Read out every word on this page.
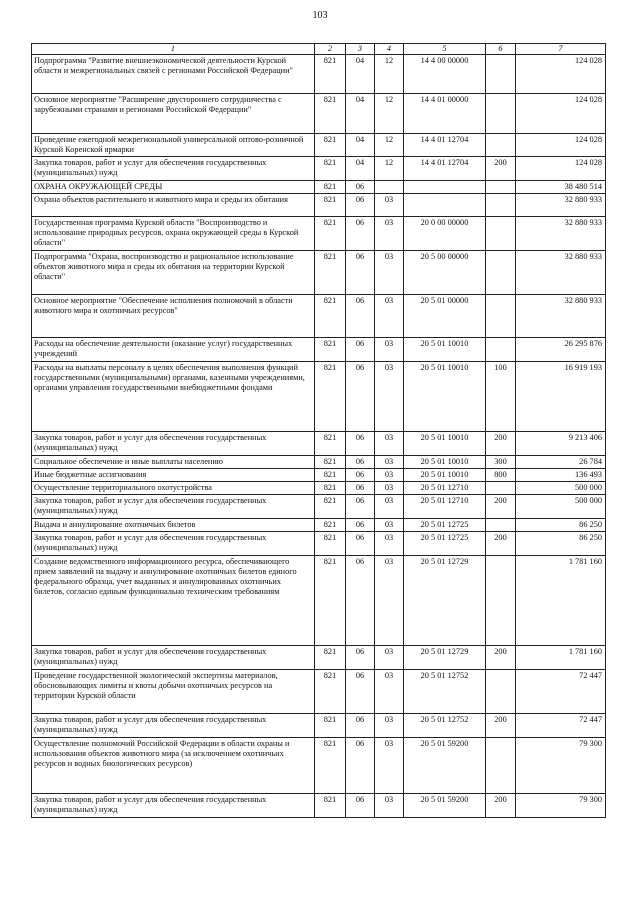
103
1	2	3	4	5	6	7
Подпрограмма "Развитие внешнеэкономической деятельности Курской области и межрегиональных связей с регионами Российской Федерации"	821	04	12	14 4 00 00000		124 028
Основное мероприятие "Расширение двустороннего сотрудничества с зарубежными странами и регионами Российской Федерации"	821	04	12	14 4 01 00000		124 028
Проведение ежегодной межрегиональной универсальной оптово-розничной Курской Коренской ярмарки	821	04	12	14 4 01 12704		124 028
Закупка товаров, работ и услуг для обеспечения государственных (муниципальных) нужд	821	04	12	14 4 01 12704	200	124 028
ОХРАНА ОКРУЖАЮЩЕЙ СРЕДЫ	821	06				38 480 514
Охрана объектов растительного и животного мира и среды их обитания	821	06	03			32 880 933
Государственная программа Курской области "Воспроизводство и использование природных ресурсов, охрана окружающей среды в Курской области"	821	06	03	20 0 00 00000		32 880 933
Подпрограмма "Охрана, воспроизводство и рациональное использование объектов животного мира и среды их обитания на территории Курской области"	821	06	03	20 5 00 00000		32 880 933
Основное мероприятие "Обеспечение исполнения полномочий в области животного мира и охотничьих ресурсов"	821	06	03	20 5 01 00000		32 880 933
Расходы на обеспечение деятельности (оказание услуг) государственных учреждений	821	06	03	20 5 01 10010		26 295 876
Расходы на выплаты персоналу в целях обеспечения выполнения функций государственными (муниципальными) органами, казенными учреждениями, органами управления государственными внебюджетными фондами	821	06	03	20 5 01 10010	100	16 919 193
Закупка товаров, работ и услуг для обеспечения государственных (муниципальных) нужд	821	06	03	20 5 01 10010	200	9 213 406
Социальное обеспечение и иные выплаты населению	821	06	03	20 5 01 10010	300	26 784
Иные бюджетные ассигнования	821	06	03	20 5 01 10010	800	136 493
Осуществление территориального охотустройства	821	06	03	20 5 01 12710		500 000
Закупка товаров, работ и услуг для обеспечения государственных (муниципальных) нужд	821	06	03	20 5 01 12710	200	500 000
Выдача и аннулирование охотничьих билетов	821	06	03	20 5 01 12725		86 250
Закупка товаров, работ и услуг для обеспечения государственных (муниципальных) нужд	821	06	03	20 5 01 12725	200	86 250
Создание ведомственного информационного ресурса, обеспечивающего прием заявлений на выдачу и аннулирование охотничьих билетов единого федерального образца, учет выданных и аннулированных охотничьих билетов, согласно единым функционально техническим требованиям	821	06	03	20 5 01 12729		1 781 160
Закупка товаров, работ и услуг для обеспечения государственных (муниципальных) нужд	821	06	03	20 5 01 12729	200	1 781 160
Проведение государственной экологической экспертизы материалов, обосновывающих лимиты и квоты добычи охотничьих ресурсов на территории Курской области	821	06	03	20 5 01 12752		72 447
Закупка товаров, работ и услуг для обеспечения государственных (муниципальных) нужд	821	06	03	20 5 01 12752	200	72 447
Осуществление полномочий Российской Федерации в области охраны и использования объектов животного мира (за исключением охотничьих ресурсов и водных биологических ресурсов)	821	06	03	20 5 01 59200		79 300
Закупка товаров, работ и услуг для обеспечения государственных (муниципальных) нужд	821	06	03	20 5 01 59200	200	79 300
